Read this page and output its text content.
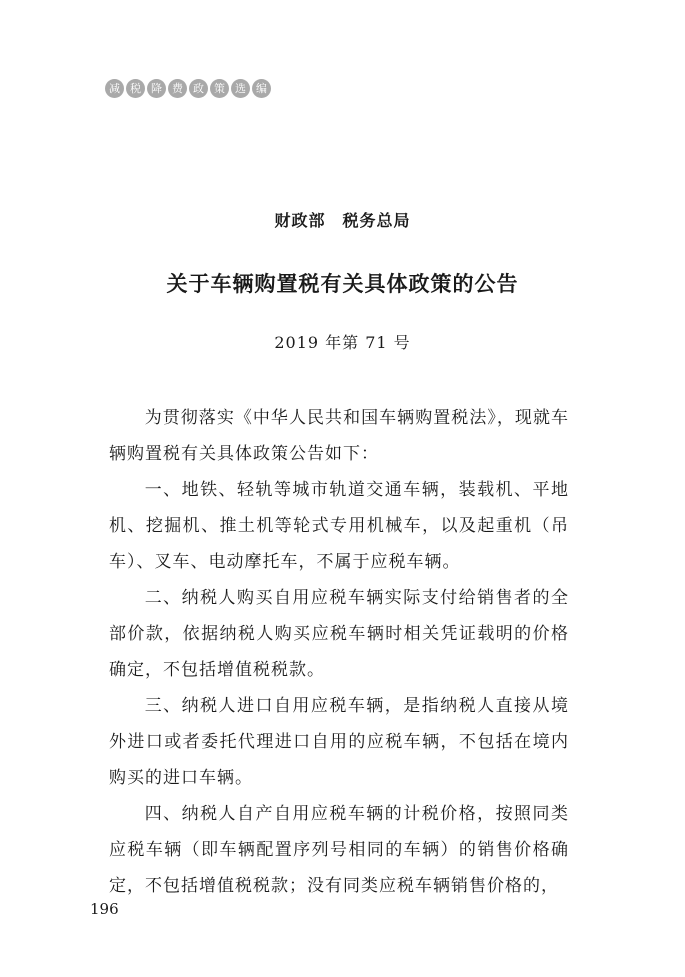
减 税 降 费 政 策 选 编
财政部　税务总局
关于车辆购置税有关具体政策的公告
2019 年第 71 号

为贯彻落实《中华人民共和国车辆购置税法》，现就车辆购置税有关具体政策公告如下：

一、地铁、轻轨等城市轨道交通车辆，装载机、平地机、挖掘机、推土机等轮式专用机械车，以及起重机（吊车）、叉车、电动摩托车，不属于应税车辆。

二、纳税人购买自用应税车辆实际支付给销售者的全部价款，依据纳税人购买应税车辆时相关凭证载明的价格确定，不包括增值税税款。

三、纳税人进口自用应税车辆，是指纳税人直接从境外进口或者委托代理进口自用的应税车辆，不包括在境内购买的进口车辆。

四、纳税人自产自用应税车辆的计税价格，按照同类应税车辆（即车辆配置序列号相同的车辆）的销售价格确定，不包括增值税税款；没有同类应税车辆销售价格的，

196
